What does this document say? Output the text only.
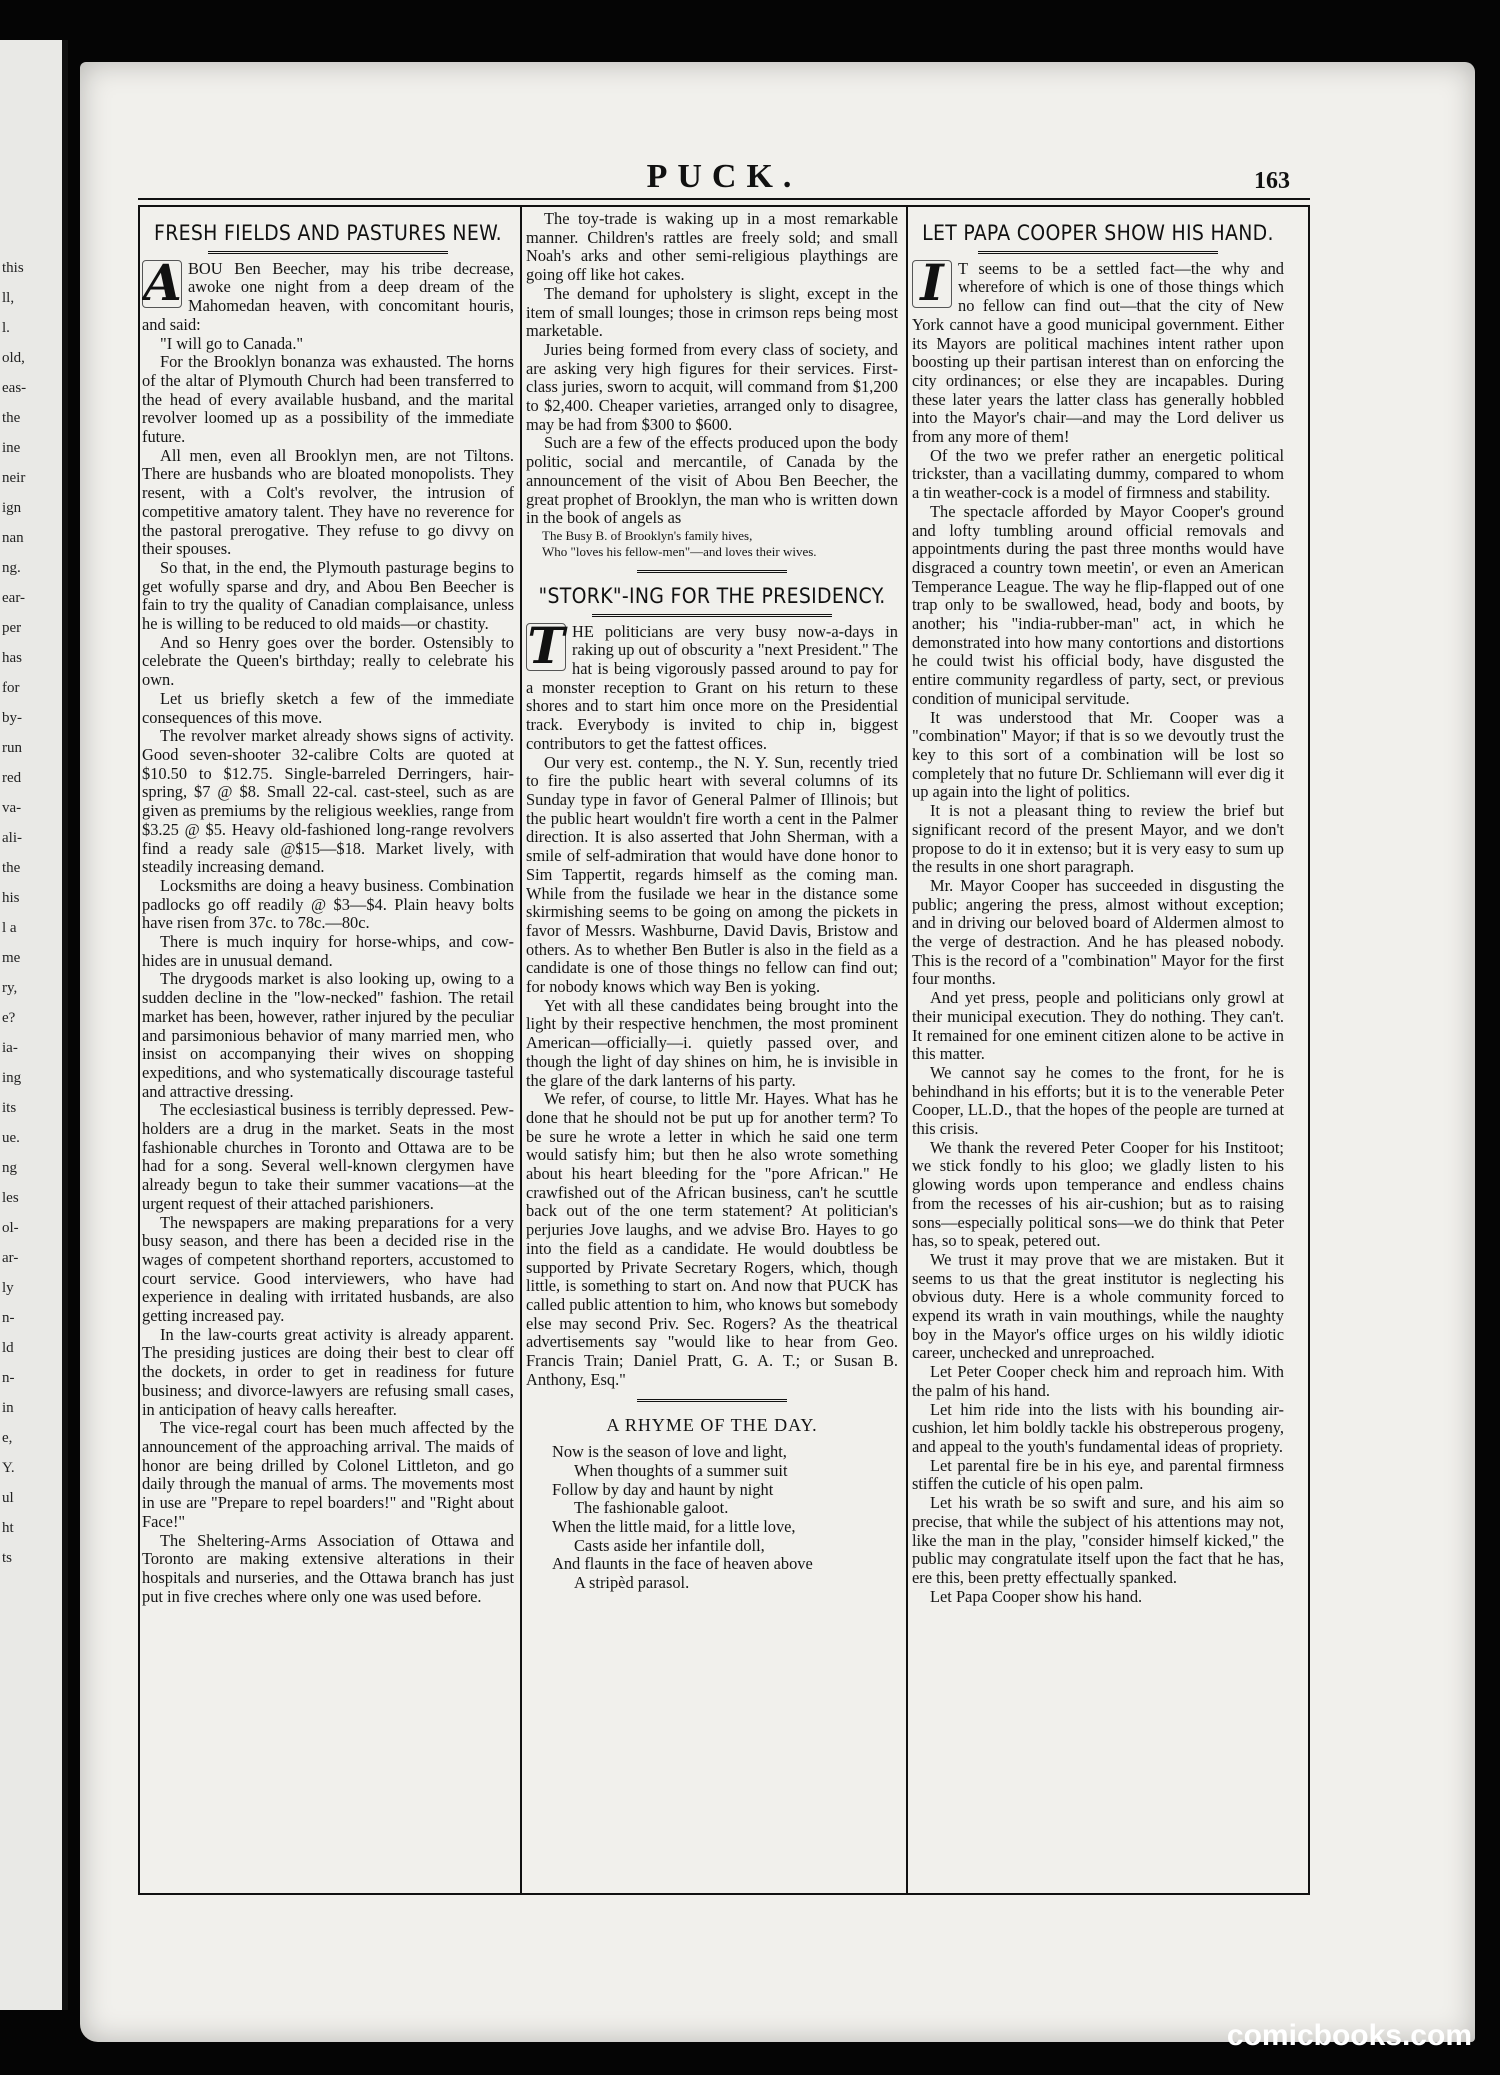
this
ll,
l.
old,
eas-
the
ine
neir
ign
nan
ng.
ear-
per
has
for
by-
run
red
va-
ali-
the
his
l a
me
ry,
e?
ia-
ing
its
ue.
ng
les
ol-
ar-
ly
n-
ld
n-
in
e,
Y.
ul
ht
ts
PUCK.	163
FRESH FIELDS AND PASTURES NEW.
A BOU Ben Beecher, may his tribe decrease, awoke one night from a deep dream of the Mahomedan heaven, with concomitant houris, and said:

"I will go to Canada."

For the Brooklyn bonanza was exhausted. The horns of the altar of Plymouth Church had been transferred to the head of every available husband, and the marital revolver loomed up as a possibility of the immediate future.

All men, even all Brooklyn men, are not Tiltons. There are husbands who are bloated monopolists. They resent, with a Colt's revolver, the intrusion of competitive amatory talent. They have no reverence for the pastoral prerogative. They refuse to go divvy on their spouses.

So that, in the end, the Plymouth pasturage begins to get wofully sparse and dry, and Abou Ben Beecher is fain to try the quality of Canadian complaisance, unless he is willing to be reduced to old maids—or chastity.

And so Henry goes over the border. Ostensibly to celebrate the Queen's birthday; really to celebrate his own.

Let us briefly sketch a few of the immediate consequences of this move.

The revolver market already shows signs of activity. Good seven-shooter 32-calibre Colts are quoted at $10.50 to $12.75. Single-barreled Derringers, hair-spring, $7 @ $8. Small 22-cal. cast-steel, such as are given as premiums by the religious weeklies, range from $3.25 @ $5. Heavy old-fashioned long-range revolvers find a ready sale @$15—$18. Market lively, with steadily increasing demand.

Locksmiths are doing a heavy business. Combination padlocks go off readily @ $3—$4. Plain heavy bolts have risen from 37c. to 78c.—80c.

There is much inquiry for horse-whips, and cow-hides are in unusual demand.

The drygoods market is also looking up, owing to a sudden decline in the "low-necked" fashion. The retail market has been, however, rather injured by the peculiar and parsimonious behavior of many married men, who insist on accompanying their wives on shopping expeditions, and who systematically discourage tasteful and attractive dressing.

The ecclesiastical business is terribly depressed. Pew-holders are a drug in the market. Seats in the most fashionable churches in Toronto and Ottawa are to be had for a song. Several well-known clergymen have already begun to take their summer vacations—at the urgent request of their attached parishioners.

The newspapers are making preparations for a very busy season, and there has been a decided rise in the wages of competent shorthand reporters, accustomed to court service. Good interviewers, who have had experience in dealing with irritated husbands, are also getting increased pay.

In the law-courts great activity is already apparent. The presiding justices are doing their best to clear off the dockets, in order to get in readiness for future business; and divorce-lawyers are refusing small cases, in anticipation of heavy calls hereafter.

The vice-regal court has been much affected by the announcement of the approaching arrival. The maids of honor are being drilled by Colonel Littleton, and go daily through the manual of arms. The movements most in use are "Prepare to repel boarders!" and "Right about Face!"

The Sheltering-Arms Association of Ottawa and Toronto are making extensive alterations in their hospitals and nurseries, and the Ottawa branch has just put in five creches where only one was used before.

The toy-trade is waking up in a most remarkable manner. Children's rattles are freely sold; and small Noah's arks and other semi-religious playthings are going off like hot cakes.

The demand for upholstery is slight, except in the item of small lounges; those in crimson reps being most marketable.

Juries being formed from every class of society, and are asking very high figures for their services. First-class juries, sworn to acquit, will command from $1,200 to $2,400. Cheaper varieties, arranged only to disagree, may be had from $300 to $600.

Such are a few of the effects produced upon the body politic, social and mercantile, of Canada by the announcement of the visit of Abou Ben Beecher, the great prophet of Brooklyn, the man who is written down in the book of angels as

The Busy B. of Brooklyn's family hives,

Who "loves his fellow-men"—and loves their wives.

"STORK"-ING FOR THE PRESIDENCY.
T HE politicians are very busy now-a-days in raking up out of obscurity a "next President." The hat is being vigorously passed around to pay for a monster reception to Grant on his return to these shores and to start him once more on the Presidential track. Everybody is invited to chip in, biggest contributors to get the fattest offices.

Our very est. contemp., the N. Y. Sun, recently tried to fire the public heart with several columns of its Sunday type in favor of General Palmer of Illinois; but the public heart wouldn't fire worth a cent in the Palmer direction. It is also asserted that John Sherman, with a smile of self-admiration that would have done honor to Sim Tappertit, regards himself as the coming man. While from the fusilade we hear in the distance some skirmishing seems to be going on among the pickets in favor of Messrs. Washburne, David Davis, Bristow and others. As to whether Ben Butler is also in the field as a candidate is one of those things no fellow can find out; for nobody knows which way Ben is yoking.

Yet with all these candidates being brought into the light by their respective henchmen, the most prominent American—officially—i. quietly passed over, and though the light of day shines on him, he is invisible in the glare of the dark lanterns of his party.

We refer, of course, to little Mr. Hayes. What has he done that he should not be put up for another term? To be sure he wrote a letter in which he said one term would satisfy him; but then he also wrote something about his heart bleeding for the "pore African." He crawfished out of the African business, can't he scuttle back out of the one term statement? At politician's perjuries Jove laughs, and we advise Bro. Hayes to go into the field as a candidate. He would doubtless be supported by Private Secretary Rogers, which, though little, is something to start on. And now that PUCK has called public attention to him, who knows but somebody else may second Priv. Sec. Rogers? As the theatrical advertisements say "would like to hear from Geo. Francis Train; Daniel Pratt, G. A. T.; or Susan B. Anthony, Esq."

A RHYME OF THE DAY.

Now is the season of love and light,

When thoughts of a summer suit

Follow by day and haunt by night

The fashionable galoot.

When the little maid, for a little love,

Casts aside her infantile doll,

And flaunts in the face of heaven above

A stripèd parasol.

LET PAPA COOPER SHOW HIS HAND.
I T seems to be a settled fact—the why and wherefore of which is one of those things which no fellow can find out—that the city of New York cannot have a good municipal government. Either its Mayors are political machines intent rather upon boosting up their partisan interest than on enforcing the city ordinances; or else they are incapables. During these later years the latter class has generally hobbled into the Mayor's chair—and may the Lord deliver us from any more of them!

Of the two we prefer rather an energetic political trickster, than a vacillating dummy, compared to whom a tin weather-cock is a model of firmness and stability.

The spectacle afforded by Mayor Cooper's ground and lofty tumbling around official removals and appointments during the past three months would have disgraced a country town meetin', or even an American Temperance League. The way he flip-flapped out of one trap only to be swallowed, head, body and boots, by another; his "india-rubber-man" act, in which he demonstrated into how many contortions and distortions he could twist his official body, have disgusted the entire community regardless of party, sect, or previous condition of municipal servitude.

It was understood that Mr. Cooper was a "combination" Mayor; if that is so we devoutly trust the key to this sort of a combination will be lost so completely that no future Dr. Schliemann will ever dig it up again into the light of politics.

It is not a pleasant thing to review the brief but significant record of the present Mayor, and we don't propose to do it in extenso; but it is very easy to sum up the results in one short paragraph.

Mr. Mayor Cooper has succeeded in disgusting the public; angering the press, almost without exception; and in driving our beloved board of Aldermen almost to the verge of destraction. And he has pleased nobody. This is the record of a "combination" Mayor for the first four months.

And yet press, people and politicians only growl at their municipal execution. They do nothing. They can't. It remained for one eminent citizen alone to be active in this matter.

We cannot say he comes to the front, for he is behindhand in his efforts; but it is to the venerable Peter Cooper, LL.D., that the hopes of the people are turned at this crisis.

We thank the revered Peter Cooper for his Institoot; we stick fondly to his gloo; we gladly listen to his glowing words upon temperance and endless chains from the recesses of his air-cushion; but as to raising sons—especially political sons—we do think that Peter has, so to speak, petered out.

We trust it may prove that we are mistaken. But it seems to us that the great institutor is neglecting his obvious duty. Here is a whole community forced to expend its wrath in vain mouthings, while the naughty boy in the Mayor's office urges on his wildly idiotic career, unchecked and unreproached.

Let Peter Cooper check him and reproach him. With the palm of his hand.

Let him ride into the lists with his bounding air-cushion, let him boldly tackle his obstreperous progeny, and appeal to the youth's fundamental ideas of propriety.

Let parental fire be in his eye, and parental firmness stiffen the cuticle of his open palm.

Let his wrath be so swift and sure, and his aim so precise, that while the subject of his attentions may not, like the man in the play, "consider himself kicked," the public may congratulate itself upon the fact that he has, ere this, been pretty effectually spanked.

Let Papa Cooper show his hand.

comicbooks.com
